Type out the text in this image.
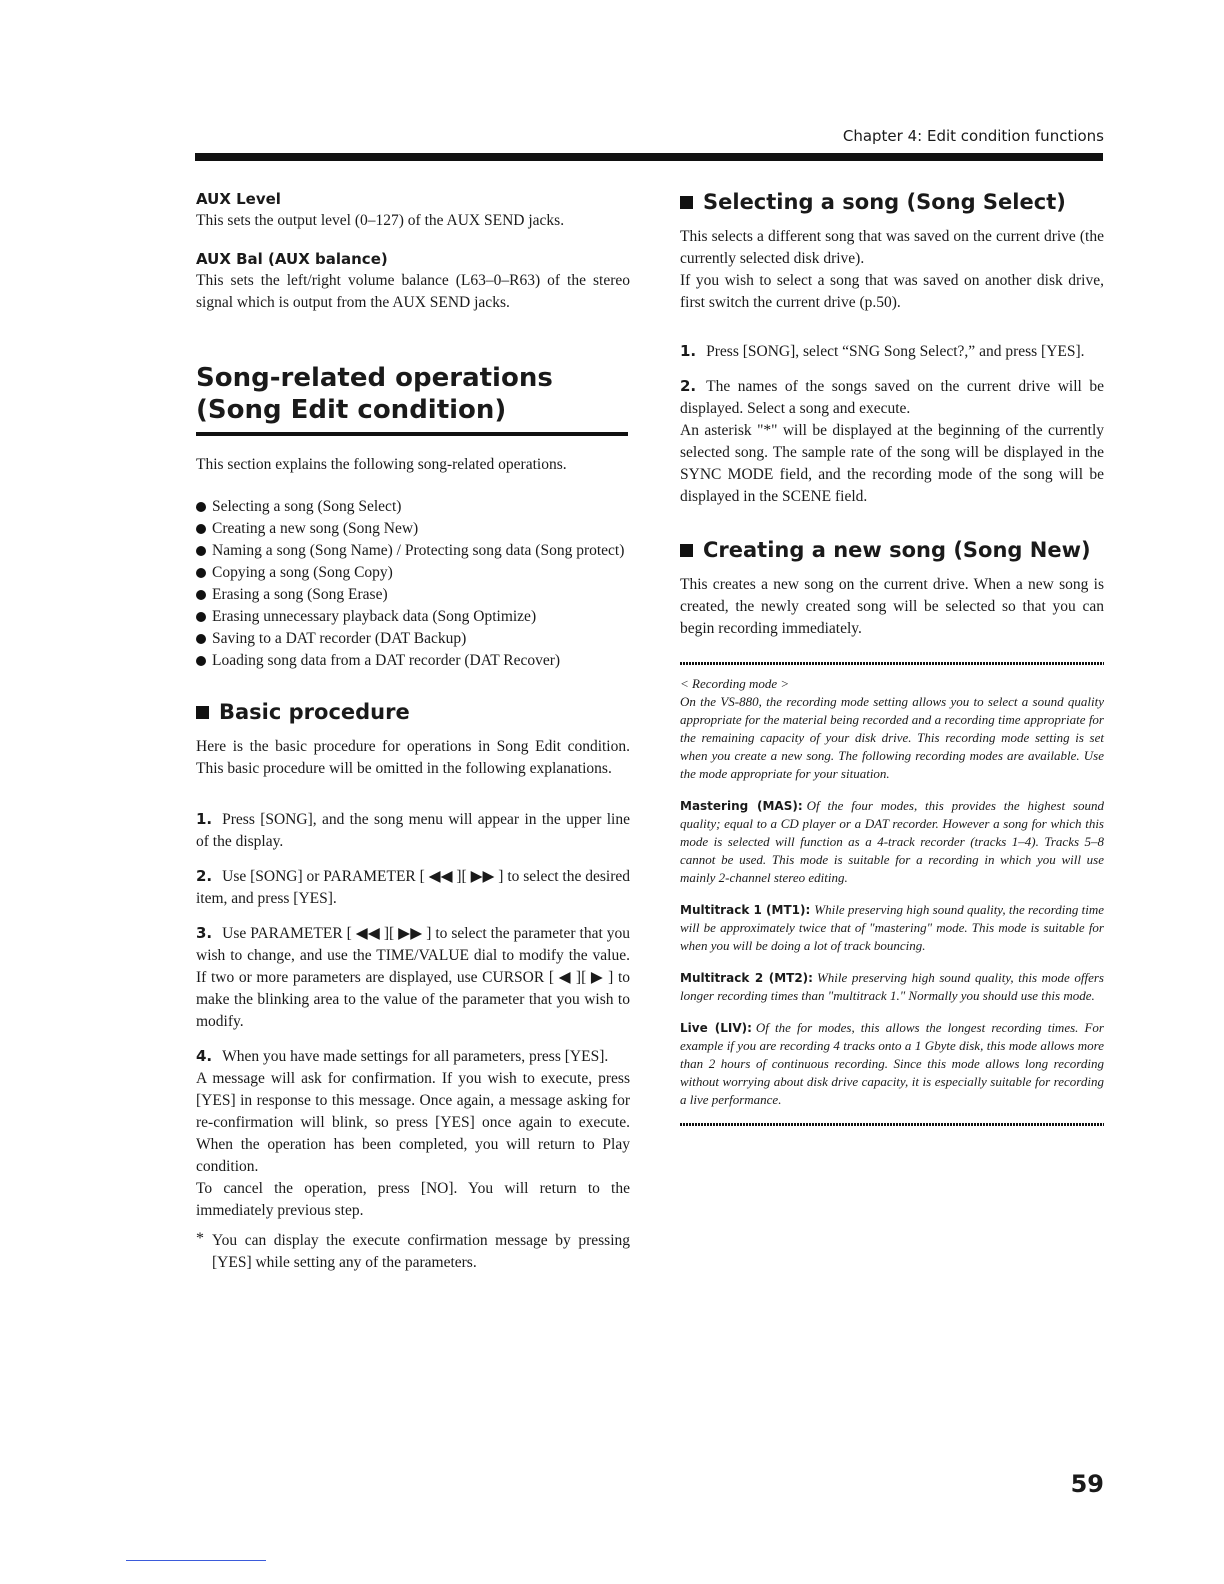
Chapter 4: Edit condition functions
AUX Level

This sets the output level (0–127) of the AUX SEND jacks.

AUX Bal (AUX balance)

This sets the left/right volume balance (L63–0–R63) of the stereo signal which is output from the AUX SEND jacks.

Song-related operations (Song Edit condition)

This section explains the following song-related operations.

Selecting a song (Song Select)
Creating a new song (Song New)
Naming a song (Song Name) / Protecting song data (Song protect)
Copying a song (Song Copy)
Erasing a song (Song Erase)
Erasing unnecessary playback data (Song Optimize)
Saving to a DAT recorder (DAT Backup)
Loading song data from a DAT recorder (DAT Recover)
Basic procedure

Here is the basic procedure for operations in Song Edit condition. This basic procedure will be omitted in the following explanations.

1. Press [SONG], and the song menu will appear in the upper line of the display.

2. Use [SONG] or PARAMETER [ ◀◀ ][ ▶▶ ] to select the desired item, and press [YES].

3. Use PARAMETER [ ◀◀ ][ ▶▶ ] to select the parameter that you wish to change, and use the TIME/VALUE dial to modify the value. If two or more parameters are displayed, use CURSOR [ ◀ ][ ▶ ] to make the blinking area to the value of the parameter that you wish to modify.

4. When you have made settings for all parameters, press [YES].

A message will ask for confirmation. If you wish to execute, press [YES] in response to this message. Once again, a message asking for re-confirmation will blink, so press [YES] once again to execute. When the operation has been completed, you will return to Play condition.

To cancel the operation, press [NO]. You will return to the immediately previous step.

* You can display the execute confirmation message by pressing [YES] while setting any of the parameters.

Selecting a song (Song Select)

This selects a different song that was saved on the current drive (the currently selected disk drive).

If you wish to select a song that was saved on another disk drive, first switch the current drive (p.50).

1. Press [SONG], select “SNG Song Select?,” and press [YES].

2. The names of the songs saved on the current drive will be displayed. Select a song and execute.

An asterisk "*" will be displayed at the beginning of the currently selected song. The sample rate of the song will be displayed in the SYNC MODE field, and the recording mode of the song will be displayed in the SCENE field.

Creating a new song (Song New)

This creates a new song on the current drive. When a new song is created, the newly created song will be selected so that you can begin recording immediately.

< Recording mode >

On the VS-880, the recording mode setting allows you to select a sound quality appropriate for the material being recorded and a recording time appropriate for the remaining capacity of your disk drive. This recording mode setting is set when you create a new song. The following recording modes are available. Use the mode appropriate for your situation.

Mastering (MAS): Of the four modes, this provides the highest sound quality; equal to a CD player or a DAT recorder. However a song for which this mode is selected will function as a 4-track recorder (tracks 1–4). Tracks 5–8 cannot be used. This mode is suitable for a recording in which you will use mainly 2-channel stereo editing.

Multitrack 1 (MT1): While preserving high sound quality, the recording time will be approximately twice that of "mastering" mode. This mode is suitable for when you will be doing a lot of track bouncing.

Multitrack 2 (MT2): While preserving high sound quality, this mode offers longer recording times than "multitrack 1." Normally you should use this mode.

Live (LIV): Of the for modes, this allows the longest recording times. For example if you are recording 4 tracks onto a 1 Gbyte disk, this mode allows more than 2 hours of continuous recording. Since this mode allows long recording without worrying about disk drive capacity, it is especially suitable for recording a live performance.

59
